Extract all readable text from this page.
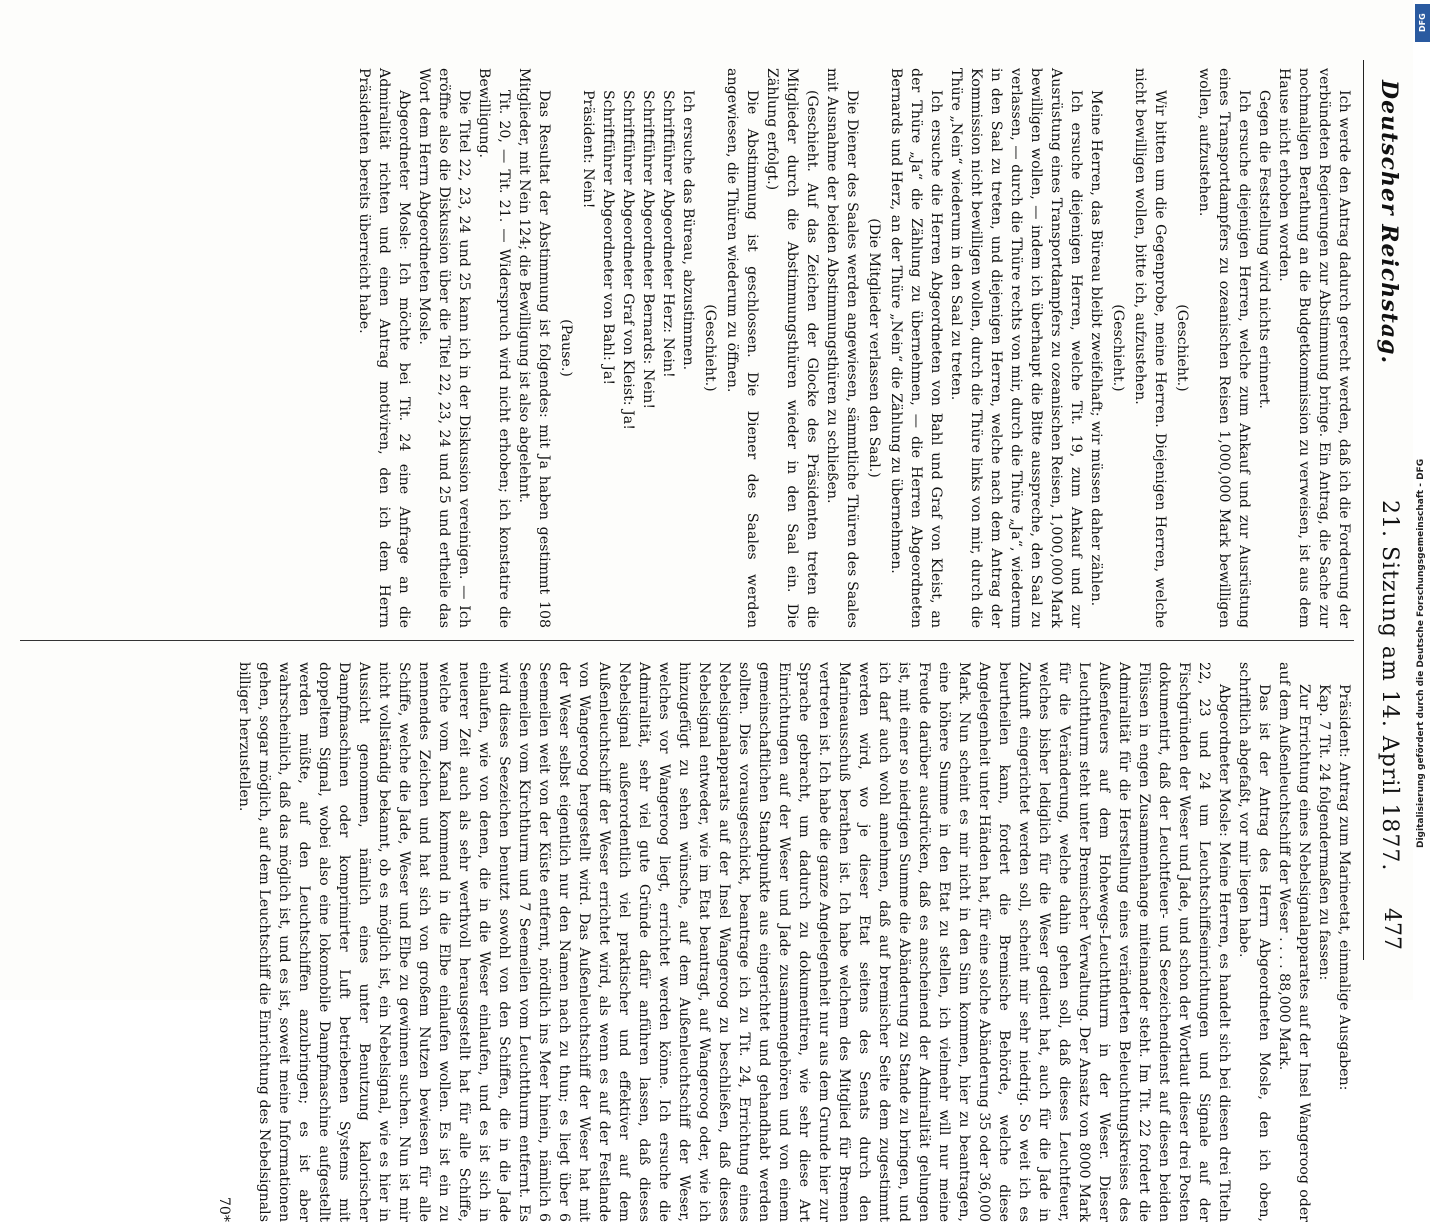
Deutscher Reichstag.
21. Sitzung am 14. April 1877.
477

Ich werde den Antrag dadurch gerecht werden, daß ich die Forderung der verbündeten Regierungen zur Abstimmung bringe. Ein Antrag, die Sache zur nochmaligen Berathung an die Budgetkommission zu verweisen, ist aus dem Hause nicht erhoben worden.

Gegen die Feststellung wird nichts erinnert.

Ich ersuche diejenigen Herren, welche zum Ankauf und zur Ausrüstung eines Transportdampfers zu ozeanischen Reisen 1,000,000 Mark bewilligen wollen, aufzustehen.

(Geschieht.)

Wir bitten um die Gegenprobe, meine Herren. Diejenigen Herren, welche nicht bewilligen wollen, bitte ich, aufzustehen.

(Geschieht.)

Meine Herren, das Büreau bleibt zweifelhaft; wir müssen daher zählen.

Ich ersuche diejenigen Herren, welche Tit. 19, zum Ankauf und zur Ausrüstung eines Transportdampfers zu ozeanischen Reisen, 1,000,000 Mark bewilligen wollen, — indem ich überhaupt die Bitte ausspreche, den Saal zu verlassen, — durch die Thüre rechts von mir, durch die Thüre „Ja“, wiederum in den Saal zu treten, und diejenigen Herren, welche nach dem Antrag der Kommission nicht bewilligen wollen, durch die Thüre links von mir, durch die Thüre „Nein“ wiederum in den Saal zu treten.

Ich ersuche die Herren Abgeordneten von Bahl und Graf von Kleist, an der Thüre „Ja“ die Zählung zu übernehmen, — die Herren Abgeordneten Bernards und Herz, an der Thüre „Nein“ die Zählung zu übernehmen.

(Die Mitglieder verlassen den Saal.)

Die Diener des Saales werden angewiesen, sämmtliche Thüren des Saales mit Ausnahme der beiden Abstimmungsthüren zu schließen.

(Geschieht. Auf das Zeichen der Glocke des Präsidenten treten die Mitglieder durch die Abstimmungsthüren wieder in den Saal ein. Die Zählung erfolgt.)

Die Abstimmung ist geschlossen. Die Diener des Saales werden angewiesen, die Thüren wiederum zu öffnen.

(Geschieht.)

Ich ersuche das Büreau, abzustimmen.

Schriftführer Abgeordneter Herz: Nein!

Schriftführer Abgeordneter Bernards: Nein!

Schriftführer Abgeordneter Graf von Kleist: Ja!

Schriftführer Abgeordneter von Bahl: Ja!

Präsident: Nein!

(Pause.)

Das Resultat der Abstimmung ist folgendes: mit Ja haben gestimmt 108 Mitglieder, mit Nein 124; die Bewilligung ist also abgelehnt.

Tit. 20, — Tit. 21. — Widerspruch wird nicht erhoben; ich konstatire die Bewilligung.

Die Titel 22, 23, 24 und 25 kann ich in der Diskussion vereinigen. — Ich eröffne also die Diskussion über die Titel 22, 23, 24 und 25 und ertheile das Wort dem Herrn Abgeordneten Mosle.

Abgeordneter Mosle: Ich möchte bei Tit. 24 eine Anfrage an die Admiralität richten und einen Antrag motiviren, den ich dem Herrn Präsidenten bereits überreicht habe.

Präsident: Antrag zum Marineetat, einmalige Ausgaben:

Kap. 7 Tit. 24 folgendermaßen zu fassen:

Zur Errichtung eines Nebelsignalapparates auf der Insel Wangeroog oder auf dem Außenleuchtschiff der Weser . . . . 88,000 Mark.

Das ist der Antrag des Herrn Abgeordneten Mosle, den ich oben, schriftlich abgefaßt, vor mir liegen habe.

Abgeordneter Mosle: Meine Herren, es handelt sich bei diesen drei Titeln 22, 23 und 24 um Leuchtschiffseinrichtungen und Signale auf der Fischgründen der Weser und Jade, und schon der Wortlaut dieser drei Posten dokumentirt, daß der Leuchtfeuer- und Seezeichendienst auf diesen beiden Flüssen in engen Zusammenhange miteinander steht. Im Tit. 22 fordert die Admiralität für die Herstellung eines veränderten Beleuchtungskreises des Außenfeuers auf dem Hohewegs-Leuchtthurm in der Weser. Dieser Leuchtthurm steht unter Bremischer Verwaltung. Der Ansatz von 8000 Mark für die Veränderung, welche dahin gehen soll, daß dieses Leuchtfeuer, welches bisher lediglich für die Weser gedient hat, auch für die Jade in Zukunft eingerichtet werden soll, scheint mir sehr niedrig. So weit ich es beurtheilen kann, fordert die Bremische Behörde, welche diese Angelegenheit unter Händen hat, für eine solche Abänderung 35 oder 36,000 Mark. Nun scheint es mir nicht in den Sinn kommen, hier zu beantragen, eine höhere Summe in den Etat zu stellen, ich vielmehr will nur meine Freude darüber ausdrücken, daß es anscheinend der Admiralität gelungen ist, mit einer so niedrigen Summe die Abänderung zu Stande zu bringen, und ich darf auch wohl annehmen, daß auf bremischer Seite dem zugestimmt werden wird, wo je dieser Etat seitens des Senats durch den Marineausschuß berathen ist. Ich habe welchem des Mitglied für Bremen vertreten ist. Ich habe die ganze Angelegenheit nur aus dem Grunde hier zur Sprache gebracht, um dadurch zu dokumentiren, wie sehr diese Art Einrichtungen auf der Weser und Jade zusammengehören und von einem gemeinschaftlichen Standpunkte aus eingerichtet und gehandhabt werden sollten. Dies vorausgeschickt, beantrage ich zu Tit. 24, Errichtung eines Nebelsignalapparats auf der Insel Wangeroog zu beschließen, daß dieses Nebelsignal entweder, wie im Etat beantragt, auf Wangeroog oder, wie ich hinzugefügt zu sehen wünsche, auf dem Außenleuchtschiff der Weser, welches vor Wangeroog liegt, errichtet werden könne. Ich ersuche die Admiralität, sehr viel gute Gründe dafür anführen lassen, daß dieses Nebelsignal außerordentlich viel praktischer und effektiver auf dem Außenleuchtschiff der Weser errichtet wird, als wenn es auf der Festlande von Wangeroog hergestellt wird. Das Außenleuchtschiff der Weser hat mit der Weser selbst eigentlich nur den Namen nach zu thun; es liegt über 6 Seemeilen weit von der Küste entfernt, nördlich ins Meer hinein, nämlich 6 Seemeilen vom Kirchthurm und 7 Seemeilen vom Leuchtthurm entfernt. Es wird dieses Seezeichen benutzt sowohl von den Schiffen, die in die Jade einlaufen, wie von denen, die in die Weser einlaufen, und es ist sich in neuerer Zeit auch als sehr werthvoll herausgestellt hat für alle Schiffe, welche vom Kanal kommend in die Elbe einlaufen wollen. Es ist ein zu nennendes Zeichen und hat sich von großem Nutzen bewiesen für alle Schiffe, welche die Jade, Weser und Elbe zu gewinnen suchen. Nun ist mir nicht vollständig bekannt, ob es möglich ist, ein Nebelsignal, wie es hier in Aussicht genommen, nämlich eines unter Benutzung kalorischer Dampfmaschinen oder komprimirter Luft betriebenen Systems mit doppeltem Signal, wobei also eine lokomobile Dampfmaschine aufgestellt werden müßte, auf den Leuchtschiffen anzubringen; es ist aber wahrscheinlich, daß das möglich ist, und es ist, soweit meine Informationen gehen, sogar möglich, auf dem Leuchtschiff die Einrichtung des Nebelsignals billiger herzustellen.

70*

DFG
Digitalisierung gefördert durch die Deutsche Forschungsgemeinschaft - DFG
